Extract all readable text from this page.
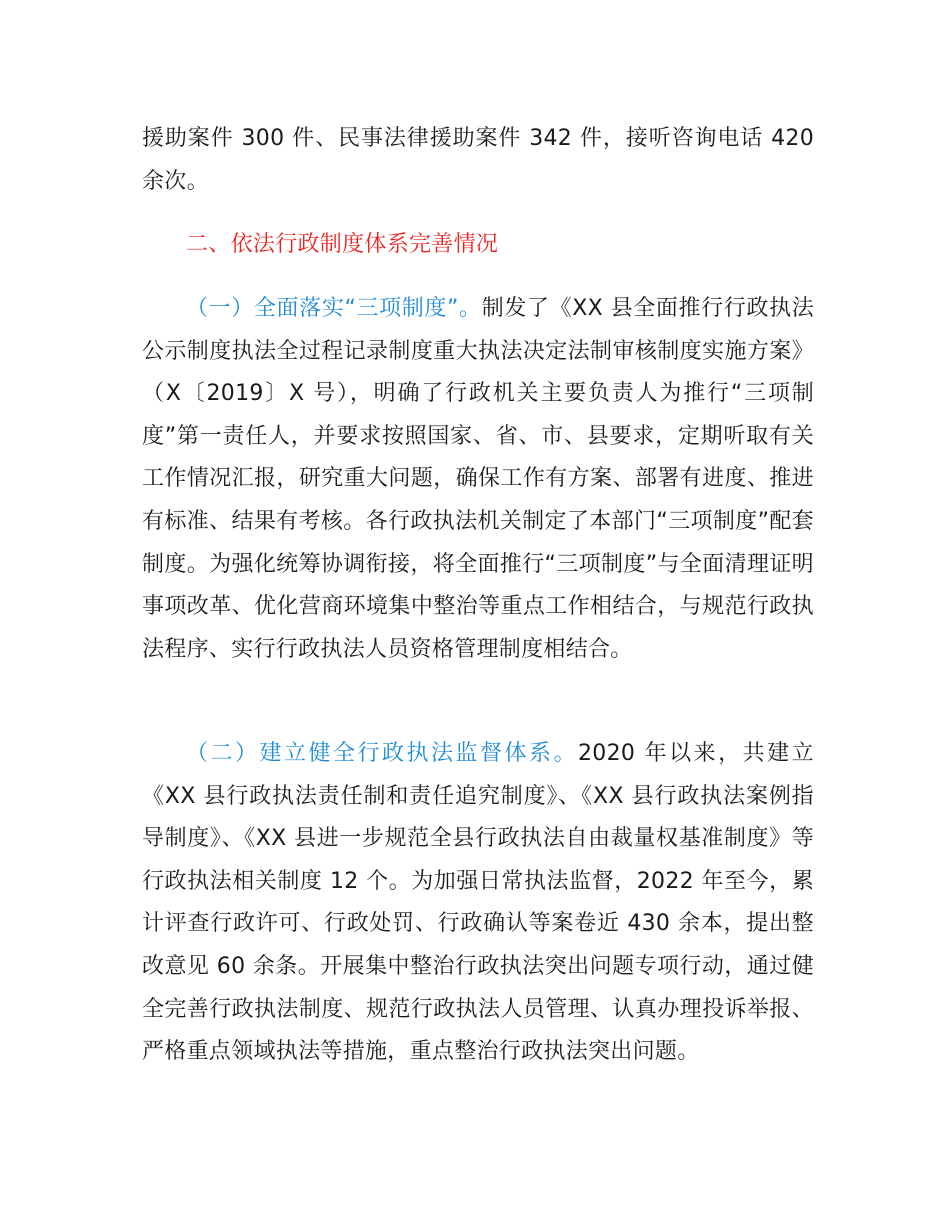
援助案件 300 件、民事法律援助案件 342 件，接听咨询电话 420 余次。

二、依法行政制度体系完善情况

（一）全面落实“三项制度”。制发了《XX 县全面推行行政执法公示制度执法全过程记录制度重大执法决定法制审核制度实施方案》（X〔2019〕X 号），明确了行政机关主要负责人为推行“三项制度”第一责任人，并要求按照国家、省、市、县要求，定期听取有关工作情况汇报，研究重大问题，确保工作有方案、部署有进度、推进有标准、结果有考核。各行政执法机关制定了本部门“三项制度”配套制度。为强化统筹协调衔接，将全面推行“三项制度”与全面清理证明事项改革、优化营商环境集中整治等重点工作相结合，与规范行政执法程序、实行行政执法人员资格管理制度相结合。

（二）建立健全行政执法监督体系。2020 年以来，共建立《XX 县行政执法责任制和责任追究制度》、《XX 县行政执法案例指导制度》、《XX 县进一步规范全县行政执法自由裁量权基准制度》等行政执法相关制度 12 个。为加强日常执法监督，2022 年至今，累计评查行政许可、行政处罚、行政确认等案卷近 430 余本，提出整改意见 60 余条。开展集中整治行政执法突出问题专项行动，通过健全完善行政执法制度、规范行政执法人员管理、认真办理投诉举报、严格重点领域执法等措施，重点整治行政执法突出问题。
